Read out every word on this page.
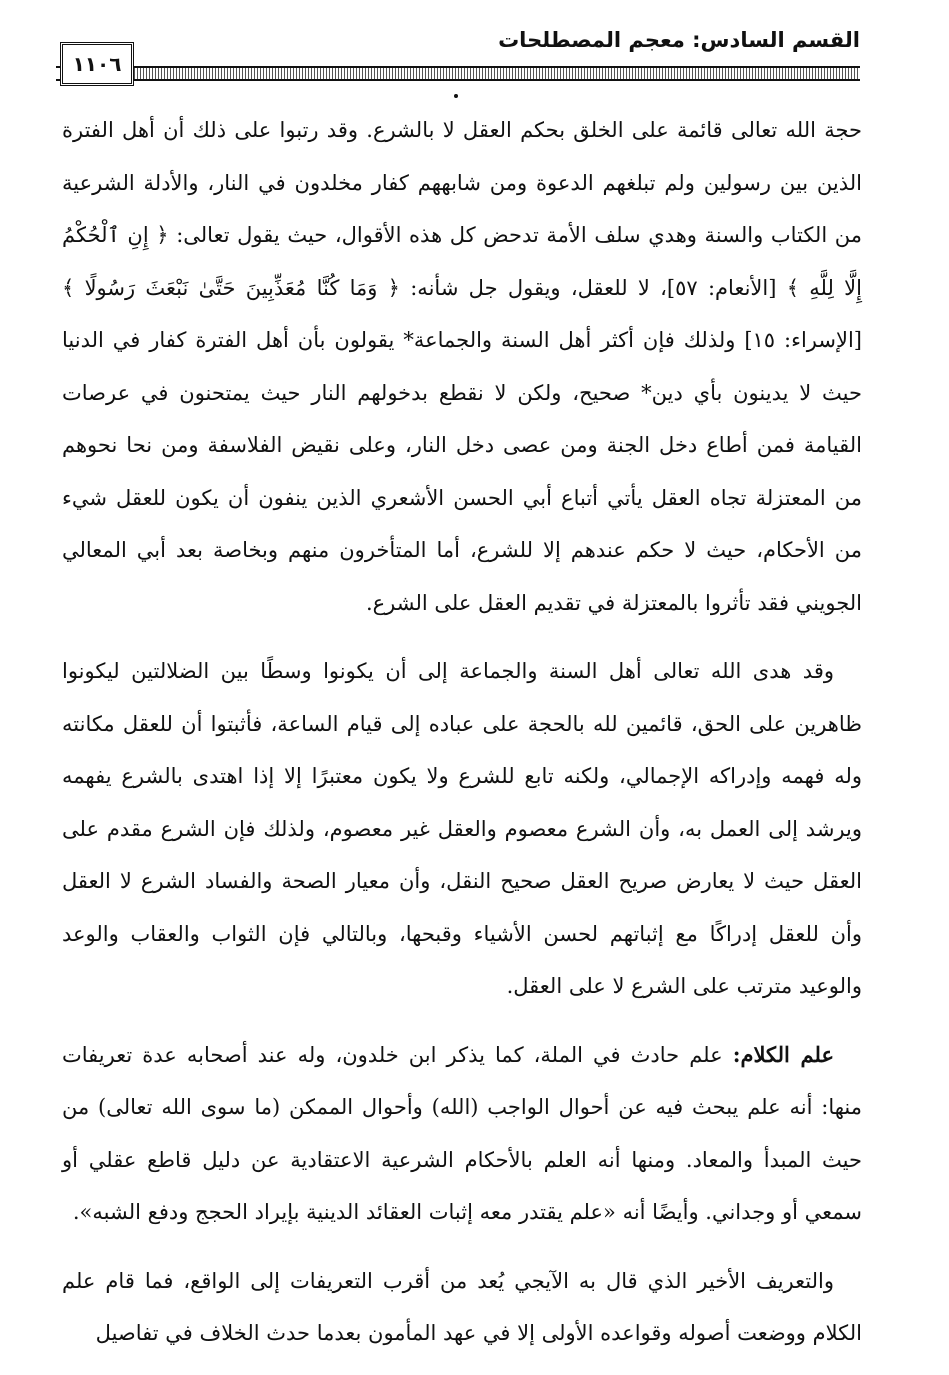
١١٠٦
القسم السادس: معجم المصطلحات

حجة الله تعالى قائمة على الخلق بحكم العقل لا بالشرع. وقد رتبوا على ذلك أن أهل الفترة الذين بين رسولين ولم تبلغهم الدعوة ومن شابههم كفار مخلدون في النار، والأدلة الشرعية من الكتاب والسنة وهدي سلف الأمة تدحض كل هذه الأقوال، حيث يقول تعالى: ﴿ إِنِ ٱلْحُكْمُ إِلَّا لِلَّهِ ﴾ [الأنعام: ٥٧]، لا للعقل، ويقول جل شأنه: ﴿ وَمَا كُنَّا مُعَذِّبِينَ حَتَّىٰ نَبْعَثَ رَسُولًا ﴾ [الإسراء: ١٥] ولذلك فإن أكثر أهل السنة والجماعة* يقولون بأن أهل الفترة كفار في الدنيا حيث لا يدينون بأي دين* صحيح، ولكن لا نقطع بدخولهم النار حيث يمتحنون في عرصات القيامة فمن أطاع دخل الجنة ومن عصى دخل النار، وعلى نقيض الفلاسفة ومن نحا نحوهم من المعتزلة تجاه العقل يأتي أتباع أبي الحسن الأشعري الذين ينفون أن يكون للعقل شيء من الأحكام، حيث لا حكم عندهم إلا للشرع، أما المتأخرون منهم وبخاصة بعد أبي المعالي الجويني فقد تأثروا بالمعتزلة في تقديم العقل على الشرع.

وقد هدى الله تعالى أهل السنة والجماعة إلى أن يكونوا وسطًا بين الضلالتين ليكونوا ظاهرين على الحق، قائمين لله بالحجة على عباده إلى قيام الساعة، فأثبتوا أن للعقل مكانته وله فهمه وإدراكه الإجمالي، ولكنه تابع للشرع ولا يكون معتبرًا إلا إذا اهتدى بالشرع يفهمه ويرشد إلى العمل به، وأن الشرع معصوم والعقل غير معصوم، ولذلك فإن الشرع مقدم على العقل حيث لا يعارض صريح العقل صحيح النقل، وأن معيار الصحة والفساد الشرع لا العقل وأن للعقل إدراكًا مع إثباتهم لحسن الأشياء وقبحها، وبالتالي فإن الثواب والعقاب والوعد والوعيد مترتب على الشرع لا على العقل.

علم الكلام: علم حادث في الملة، كما يذكر ابن خلدون، وله عند أصحابه عدة تعريفات منها: أنه علم يبحث فيه عن أحوال الواجب (الله) وأحوال الممكن (ما سوى الله تعالى) من حيث المبدأ والمعاد. ومنها أنه العلم بالأحكام الشرعية الاعتقادية عن دليل قاطع عقلي أو سمعي أو وجداني. وأيضًا أنه «علم يقتدر معه إثبات العقائد الدينية بإيراد الحجج ودفع الشبه».

والتعريف الأخير الذي قال به الآيجي يُعد من أقرب التعريفات إلى الواقع، فما قام علم الكلام ووضعت أصوله وقواعده الأولى إلا في عهد المأمون بعدما حدث الخلاف في تفاصيل
